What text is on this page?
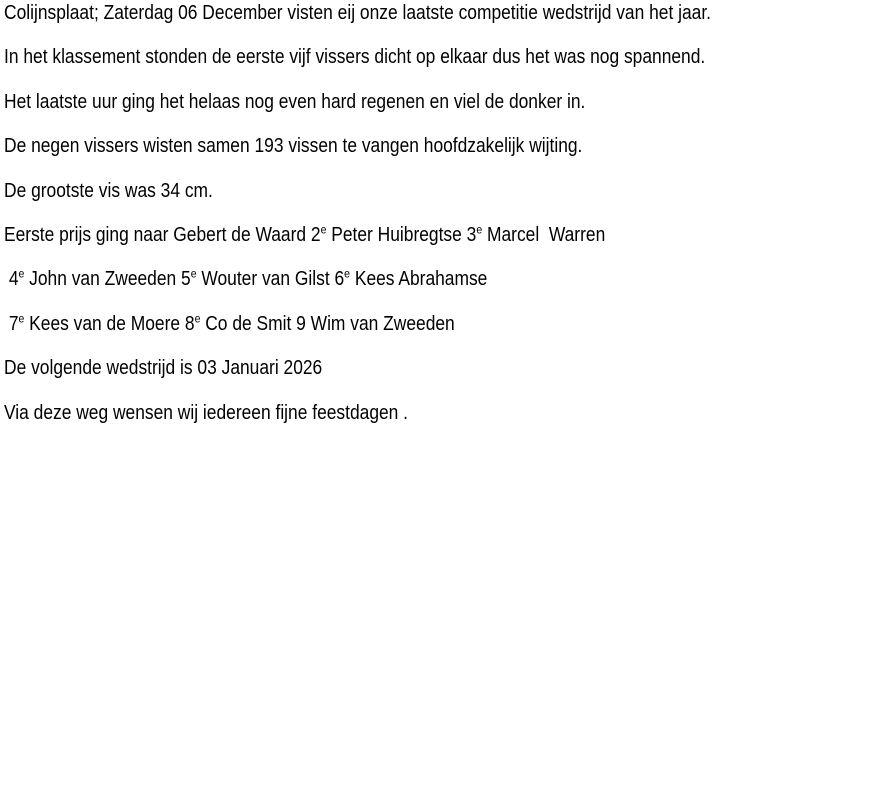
Colijnsplaat; Zaterdag 06 December visten eij onze laatste competitie wedstrijd van het jaar.

In het klassement stonden de eerste vijf vissers dicht op elkaar dus het was nog spannend.

Het laatste uur ging het helaas nog even hard regenen en viel de donker in.

De negen vissers wisten samen 193 vissen te vangen hoofdzakelijk wijting.

De grootste vis was 34 cm.

Eerste prijs ging naar Gebert de Waard 2e Peter Huibregtse 3e Marcel  Warren

4e John van Zweeden 5e Wouter van Gilst 6e Kees Abrahamse

7e Kees van de Moere 8e Co de Smit 9 Wim van Zweeden

De volgende wedstrijd is 03 Januari 2026

Via deze weg wensen wij iedereen fijne feestdagen .
